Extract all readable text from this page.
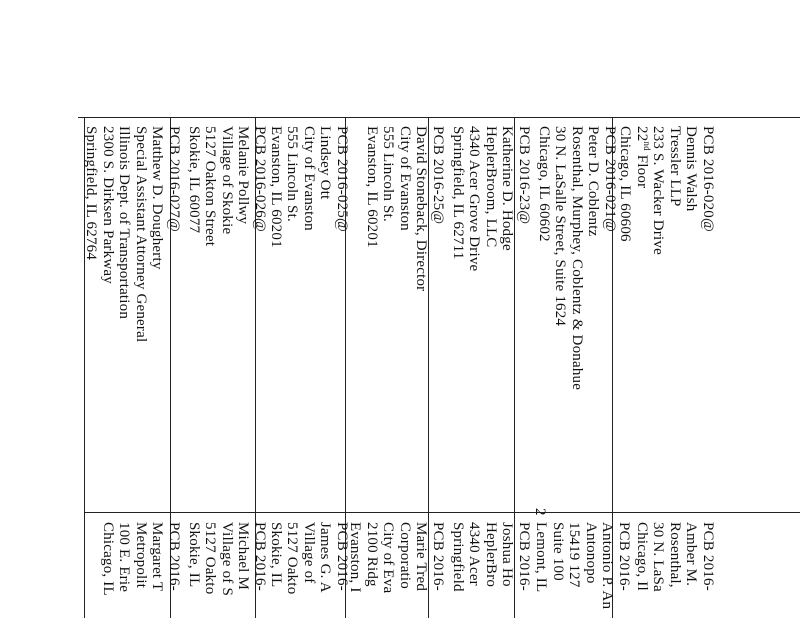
PCB 2016-020@
Dennis Walsh
Tressler LLP
233 S. Wacker Drive
22nd Floor
Chicago, IL 60606
PCB 2016-021@
Peter D. Coblentz
Rosenthal, Murphey, Coblentz & Donahue
30 N. LaSalle Street, Suite 1624
Chicago, IL 60602
PCB 2016-23@
Katherine D. Hodge
HeplerBroom, LLC
4340 Acer Grove Drive
Springfield, IL 62711
PCB 2016-25@
David Stoneback, Director
City of Evanston
555 Lincoln St.
Evanston, IL 60201
PCB 2016-025@
Lindsey Ott
City of Evanston
555 Lincoln St.
Evanston, IL 60201
PCB 2016-026@
Melanie Pollwy
Village of Skokie
5127 Oakton Street
Skokie, IL 60077
PCB 2016-027@
Matthew D. Dougherty
Special Assistant Attorney General
Illinois Dept. of Transportation
2300 S. Dirksen Parkway
Springfield, IL 62764
2
PCB 2016-
Amber M.
Rosenthal,
30 N. LaSa
Chicago, Il
PCB 2016-
Antonio P. An
Antonopo
15419 127
Suite 100
Lemont, IL
PCB 2016-
Joshua Ho
HeplerBro
4340 Acer
Springfield
PCB 2016-
Marie Tred
Corporatio
City of Eva
2100 Ridg
Evanston, I
PCB 2016-
James G. A
Village of
5127 Oakto
Skokie, IL
PCB 2016-
Michael M
Village of S
5127 Oakto
Skokie, IL
PCB 2016-
Margaret T
Metropolit
100 E. Erie
Chicago, IL
